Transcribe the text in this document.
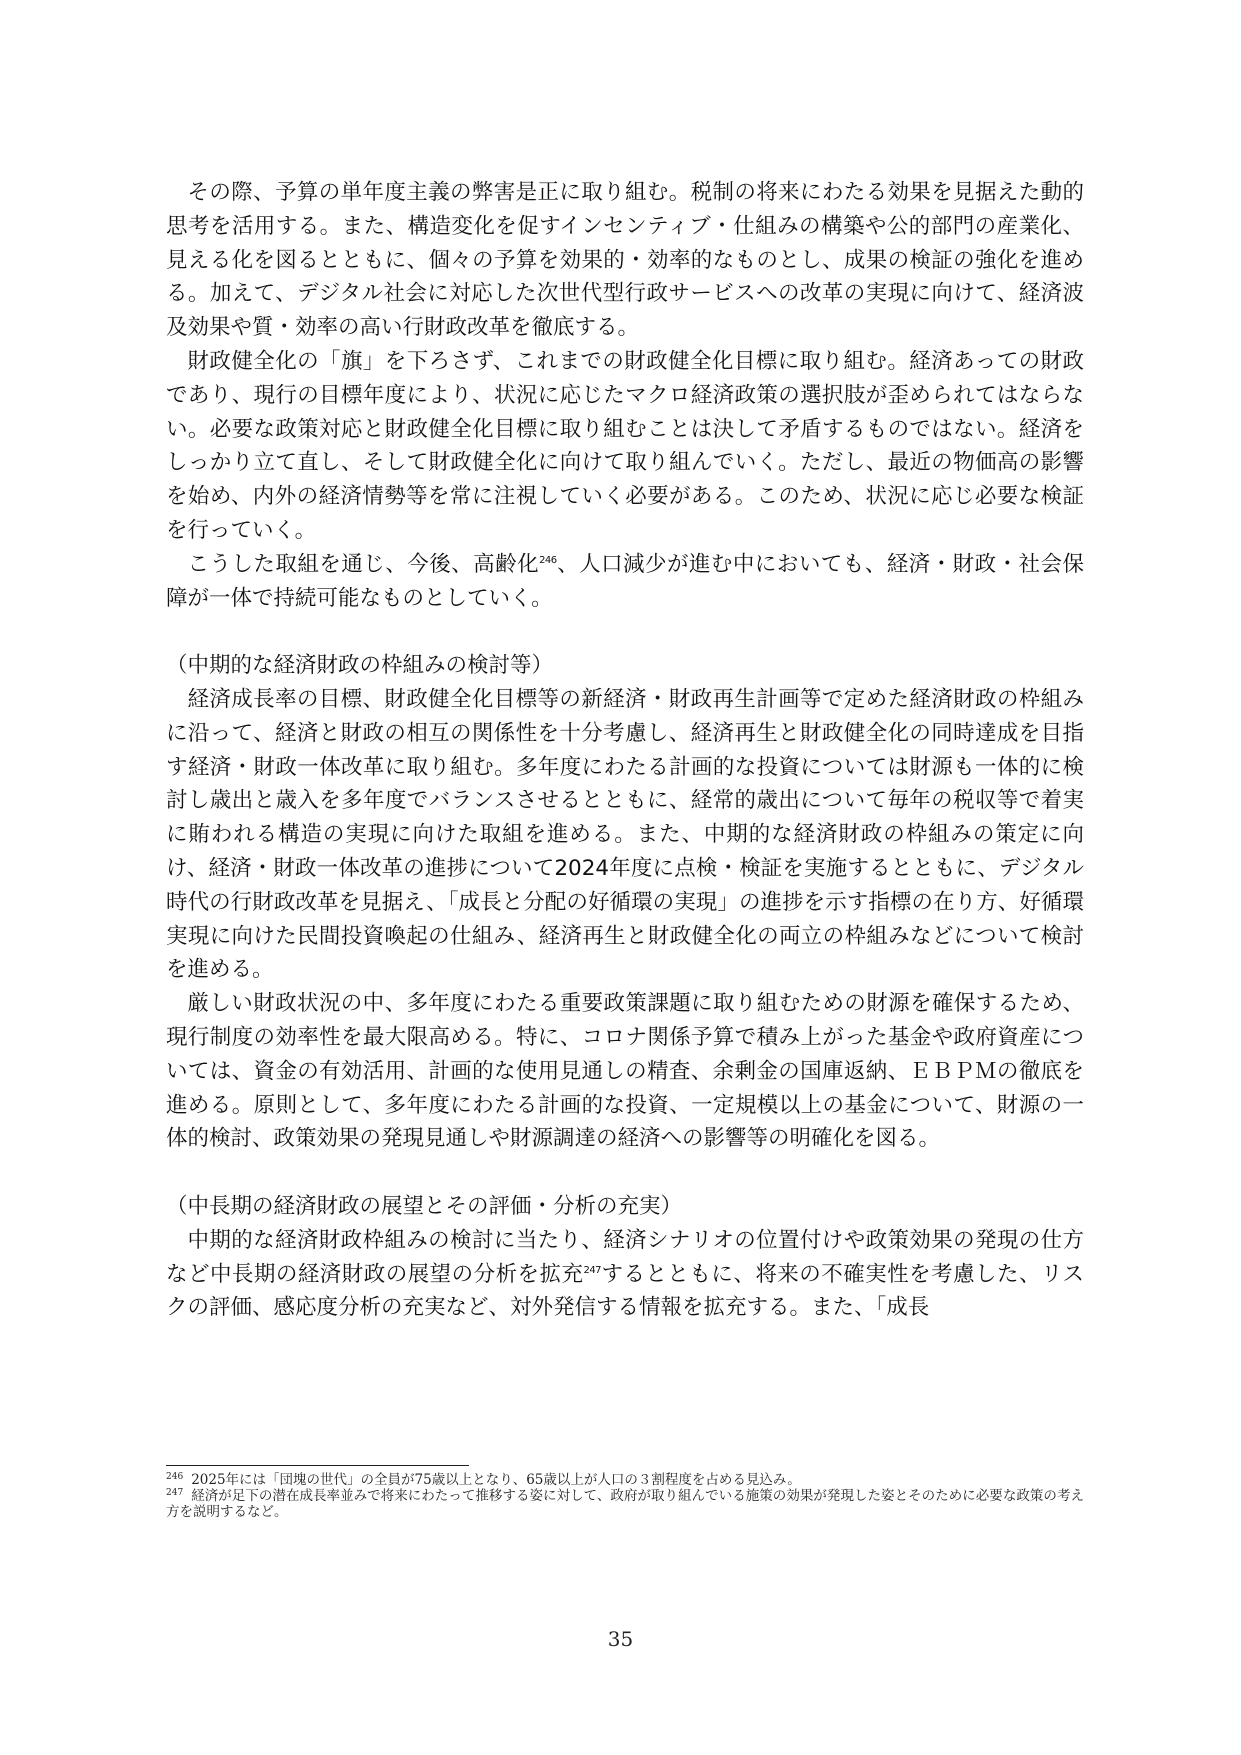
その際、予算の単年度主義の弊害是正に取り組む。税制の将来にわたる効果を見据えた動的思考を活用する。また、構造変化を促すインセンティブ・仕組みの構築や公的部門の産業化、見える化を図るとともに、個々の予算を効果的・効率的なものとし、成果の検証の強化を進める。加えて、デジタル社会に対応した次世代型行政サービスへの改革の実現に向けて、経済波及効果や質・効率の高い行財政改革を徹底する。

財政健全化の「旗」を下ろさず、これまでの財政健全化目標に取り組む。経済あっての財政であり、現行の目標年度により、状況に応じたマクロ経済政策の選択肢が歪められてはならない。必要な政策対応と財政健全化目標に取り組むことは決して矛盾するものではない。経済をしっかり立て直し、そして財政健全化に向けて取り組んでいく。ただし、最近の物価高の影響を始め、内外の経済情勢等を常に注視していく必要がある。このため、状況に応じ必要な検証を行っていく。

こうした取組を通じ、今後、高齢化$^{246}$、人口減少が進む中においても、経済・財政・社会保障が一体で持続可能なものとしていく。

（中期的な経済財政の枠組みの検討等）

経済成長率の目標、財政健全化目標等の新経済・財政再生計画等で定めた経済財政の枠組みに沿って、経済と財政の相互の関係性を十分考慮し、経済再生と財政健全化の同時達成を目指す経済・財政一体改革に取り組む。多年度にわたる計画的な投資については財源も一体的に検討し歳出と歳入を多年度でバランスさせるとともに、経常的歳出について毎年の税収等で着実に賄われる構造の実現に向けた取組を進める。また、中期的な経済財政の枠組みの策定に向け、経済・財政一体改革の進捗について2024年度に点検・検証を実施するとともに、デジタル時代の行財政改革を見据え、「成長と分配の好循環の実現」の進捗を示す指標の在り方、好循環実現に向けた民間投資喚起の仕組み、経済再生と財政健全化の両立の枠組みなどについて検討を進める。

厳しい財政状況の中、多年度にわたる重要政策課題に取り組むための財源を確保するため、現行制度の効率性を最大限高める。特に、コロナ関係予算で積み上がった基金や政府資産については、資金の有効活用、計画的な使用見通しの精査、余剰金の国庫返納、ＥＢＰＭの徹底を進める。原則として、多年度にわたる計画的な投資、一定規模以上の基金について、財源の一体的検討、政策効果の発現見通しや財源調達の経済への影響等の明確化を図る。

（中長期の経済財政の展望とその評価・分析の充実）

中期的な経済財政枠組みの検討に当たり、経済シナリオの位置付けや政策効果の発現の仕方など中長期の経済財政の展望の分析を拡充$^{247}$するとともに、将来の不確実性を考慮した、リスクの評価、感応度分析の充実など、対外発信する情報を拡充する。また、「成長

$^{246}$ 2025年には「団塊の世代」の全員が75歳以上となり、65歳以上が人口の３割程度を占める見込み。

$^{247}$ 経済が足下の潜在成長率並みで将来にわたって推移する姿に対して、政府が取り組んでいる施策の効果が発現した姿とそのために必要な政策の考え方を説明するなど。

35
